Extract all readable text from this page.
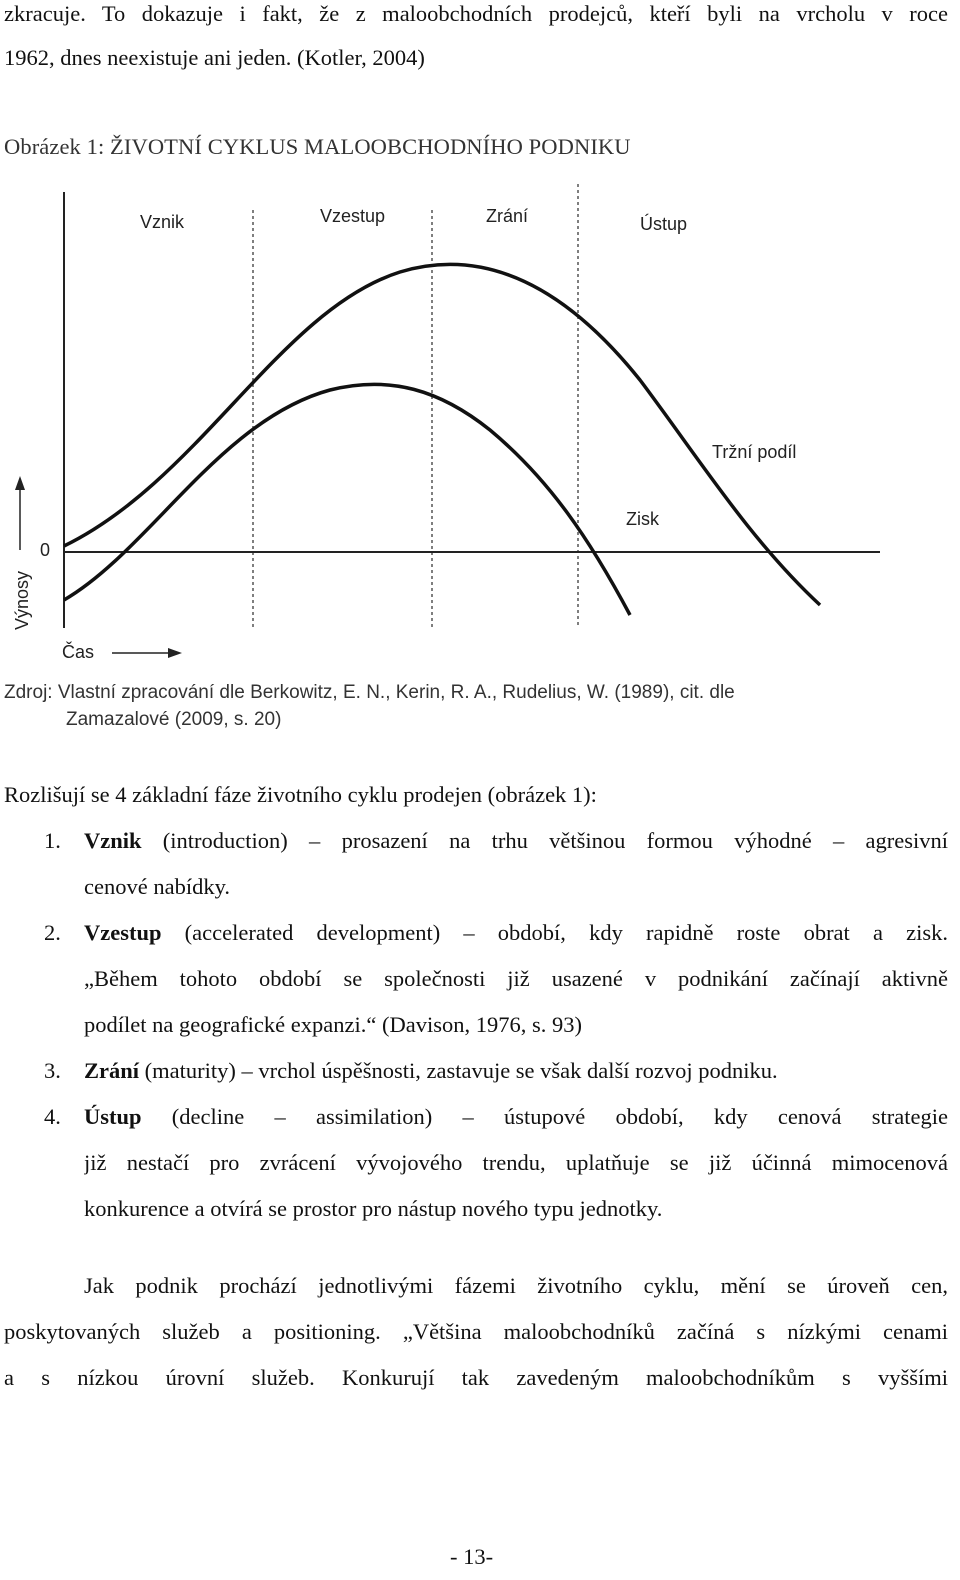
zkracuje. To dokazuje i fakt, že z maloobchodních prodejců, kteří byli na vrcholu v roce
1962, dnes neexistuje ani jeden. (Kotler, 2004)
Obrázek 1: ŽIVOTNÍ CYKLUS MALOOBCHODNÍHO PODNIKU
Vznik	Vzestup	Zrání	Ústup
Tržní podíl
Zisk
0
Výnosy
Čas
Zdroj: Vlastní zpracování dle Berkowitz, E. N., Kerin, R. A., Rudelius, W. (1989), cit. dle
Zamazalové (2009, s. 20)
Rozlišují se 4 základní fáze životního cyklu prodejen (obrázek 1):
1. Vznik (introduction) – prosazení na trhu většinou formou výhodné – agresivní
cenové nabídky.
2. Vzestup (accelerated development) – období, kdy rapidně roste obrat a zisk.
„Během tohoto období se společnosti již usazené v podnikání začínají aktivně
podílet na geografické expanzi.“ (Davison, 1976, s. 93)
3. Zrání (maturity) – vrchol úspěšnosti, zastavuje se však další rozvoj podniku.
4. Ústup (decline – assimilation) – ústupové období, kdy cenová strategie
již nestačí pro zvrácení vývojového trendu, uplatňuje se již účinná mimocenová
konkurence a otvírá se prostor pro nástup nového typu jednotky.
Jak podnik prochází jednotlivými fázemi životního cyklu, mění se úroveň cen,
poskytovaných služeb a positioning. „Většina maloobchodníků začíná s nízkými cenami
a s nízkou úrovní služeb. Konkurují tak zavedeným maloobchodníkům s vyššími
- 13-
